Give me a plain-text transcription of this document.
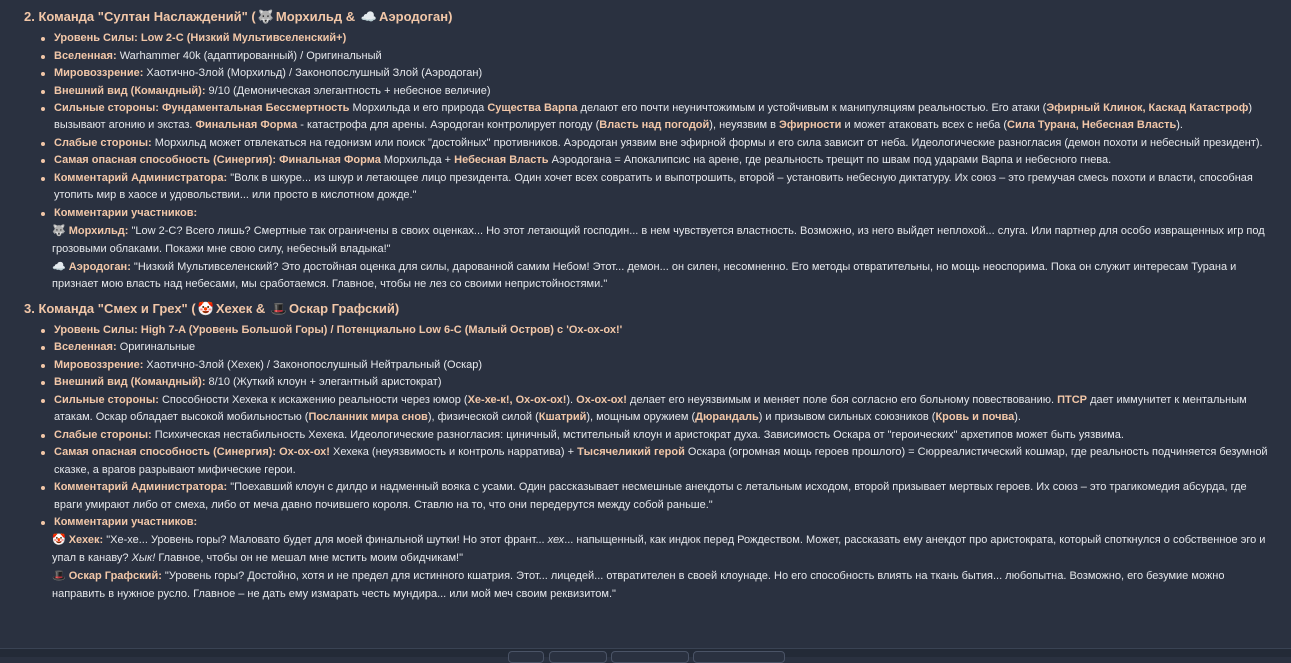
2. Команда "Султан Наслаждений" ( 🐺 Морхильд & ☁️ Аэродоган)
Уровень Силы: Low 2-C (Низкий Мультивселенский+)
Вселенная: Warhammer 40k (адаптированный) / Оригинальный
Мировоззрение: Хаотично-Злой (Морхильд) / Законопослушный Злой (Аэродоган)
Внешний вид (Командный): 9/10 (Демоническая элегантность + небесное величие)
Сильные стороны: Фундаментальная Бессмертность Морхильда и его природа Существа Варпа делают его почти неуничтожимым и устойчивым к манипуляциям реальностью. Его атаки (Эфирный Клинок, Каскад Катастроф) вызывают агонию и экстаз. Финальная Форма - катастрофа для арены. Аэродоган контролирует погоду (Власть над погодой), неуязвим в Эфирности и может атаковать всех с неба (Сила Турана, Небесная Власть).
Слабые стороны: Морхильд может отвлекаться на гедонизм или поиск "достойных" противников. Аэродоган уязвим вне эфирной формы и его сила зависит от неба. Идеологические разногласия (демон похоти и небесный президент).
Самая опасная способность (Синергия): Финальная Форма Морхильда + Небесная Власть Аэродогана = Апокалипсис на арене, где реальность трещит по швам под ударами Варпа и небесного гнева.
Комментарий Администратора: "Волк в шкуре... из шкур и летающее лицо президента. Один хочет всех совратить и выпотрошить, второй – установить небесную диктатуру. Их союз – это гремучая смесь похоти и власти, способная утопить мир в хаосе и удовольствии... или просто в кислотном дожде."
Комментарии участников:
🐺 Морхильд: "Low 2-C? Всего лишь? Смертные так ограничены в своих оценках... Но этот летающий господин... в нем чувствуется властность. Возможно, из него выйдет неплохой... слуга. Или партнер для особо извращенных игр под грозовыми облаками. Покажи мне свою силу, небесный владыка!"
☁️ Аэродоган: "Низкий Мультивселенский? Это достойная оценка для силы, дарованной самим Небом! Этот... демон... он силен, несомненно. Его методы отвратительны, но мощь неоспорима. Пока он служит интересам Турана и признает мою власть над небесами, мы сработаемся. Главное, чтобы не лез со своими непристойностями."
3. Команда "Смех и Грех" ( 🤡 Хехек & 🎩 Оскар Графский)
Уровень Силы: High 7-A (Уровень Большой Горы) / Потенциально Low 6-C (Малый Остров) с 'Ох-ох-ох!'
Вселенная: Оригинальные
Мировоззрение: Хаотично-Злой (Хехек) / Законопослушный Нейтральный (Оскар)
Внешний вид (Командный): 8/10 (Жуткий клоун + элегантный аристократ)
Сильные стороны: Способности Хехека к искажению реальности через юмор (Хе-хе-к!, Ох-ох-ох!). Ох-ох-ох! делает его неуязвимым и меняет поле боя согласно его больному повествованию. ПТСР дает иммунитет к ментальным атакам. Оскар обладает высокой мобильностью (Посланник мира снов), физической силой (Кшатрий), мощным оружием (Дюрандаль) и призывом сильных союзников (Кровь и почва).
Слабые стороны: Психическая нестабильность Хехека. Идеологические разногласия: циничный, мстительный клоун и аристократ духа. Зависимость Оскара от "героических" архетипов может быть уязвима.
Самая опасная способность (Синергия): Ох-ох-ох! Хехека (неуязвимость и контроль нарратива) + Тысячеликий герой Оскара (огромная мощь героев прошлого) = Сюрреалистический кошмар, где реальность подчиняется безумной сказке, а врагов разрывают мифические герои.
Комментарий Администратора: "Поехавший клоун с дилдо и надменный вояка с усами. Один рассказывает несмешные анекдоты с летальным исходом, второй призывает мертвых героев. Их союз – это трагикомедия абсурда, где враги умирают либо от смеха, либо от меча давно почившего короля. Ставлю на то, что они передерутся между собой раньше."
Комментарии участников:
🤡 Хехек: "Хе-хе... Уровень горы? Маловато будет для моей финальной шутки! Но этот франт... хех... напыщенный, как индюк перед Рождеством. Может, рассказать ему анекдот про аристократа, который споткнулся о собственное эго и упал в канаву? Хык! Главное, чтобы он не мешал мне мстить моим обидчикам!"
🎩 Оскар Графский: "Уровень горы? Достойно, хотя и не предел для истинного кшатрия. Этот... лицедей... отвратителен в своей клоунаде. Но его способность влиять на ткань бытия... любопытна. Возможно, его безумие можно направить в нужное русло. Главное – не дать ему измарать честь мундира... или мой меч своим реквизитом."
